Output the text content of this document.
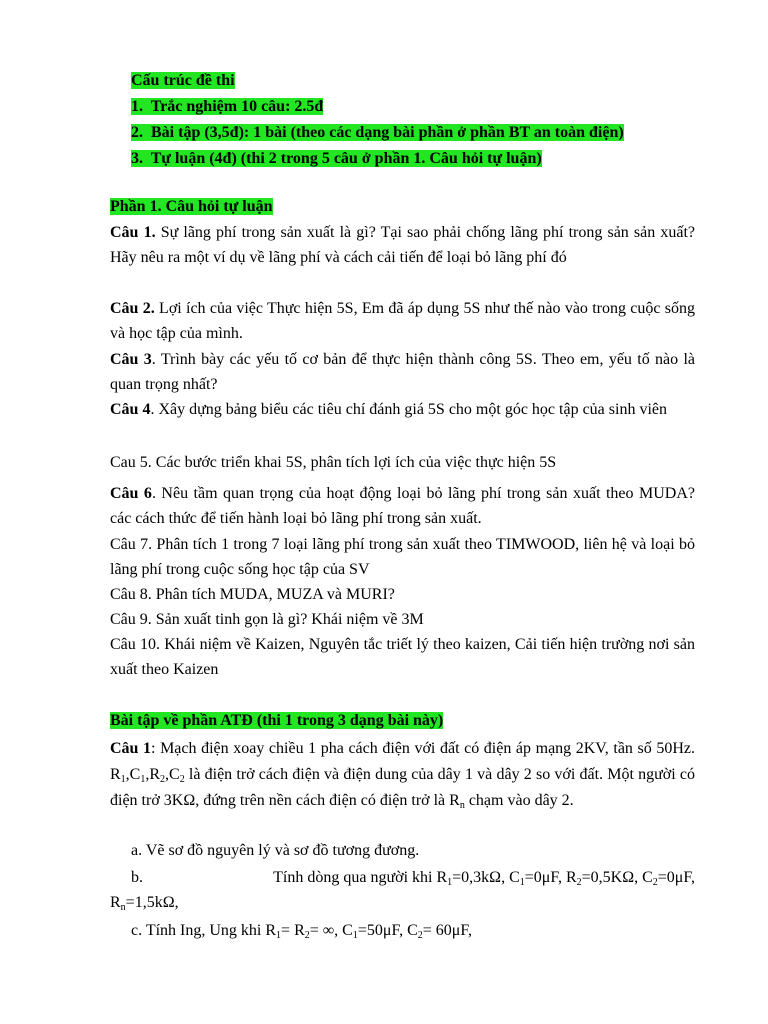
Cấu trúc đề thi
1.  Trắc nghiệm 10 câu: 2.5đ
2.  Bài tập (3,5đ): 1 bài (theo các dạng bài phần ở phần BT an toàn điện)
3.  Tự luận (4đ) (thi 2 trong 5 câu ở phần 1. Câu hỏi tự luận)
Phần 1. Câu hỏi tự luận
Câu 1. Sự lãng phí trong sản xuất là gì? Tại sao phải chống lãng phí trong sản sản xuất? Hãy nêu ra một ví dụ về lãng phí và cách cải tiến để loại bỏ lãng phí đó
Câu 2. Lợi ích của việc Thực hiện 5S, Em đã áp dụng 5S như thế nào vào trong cuộc sống và học tập của mình.
Câu 3. Trình bày các yếu tố cơ bản để thực hiện thành công 5S. Theo em, yếu tố nào là quan trọng nhất?
Câu 4. Xây dựng bảng biểu các tiêu chí đánh giá 5S cho một góc học tập của sinh viên
Cau 5. Các bước triển khai 5S, phân tích lợi ích của việc thực hiện 5S
Câu 6. Nêu tầm quan trọng của hoạt động loại bỏ lãng phí trong sản xuất theo MUDA? các cách thức để tiến hành loại bỏ lãng phí trong sản xuất.
Câu 7. Phân tích 1 trong 7 loại lãng phí trong sản xuất theo TIMWOOD, liên hệ và loại bỏ lãng phí trong cuộc sống học tập của SV
Câu 8. Phân tích MUDA, MUZA và MURI?
Câu 9. Sản xuất tinh gọn là gì? Khái niệm về 3M
Câu 10. Khái niệm về Kaizen, Nguyên tắc triết lý theo kaizen, Cải tiến hiện trường nơi sản xuất theo Kaizen
Bài tập về phần ATĐ (thi 1 trong 3 dạng bài này)
Câu 1: Mạch điện xoay chiều 1 pha cách điện với đất có điện áp mạng 2KV, tần số 50Hz. $R_1,C_1,R_2,C_2$ là điện trở cách điện và điện dung của dây 1 và dây 2 so với đất. Một người có điện trở 3KΩ, đứng trên nền cách điện có điện trở là $R_n$ chạm vào dây 2.
a. Vẽ sơ đồ nguyên lý và sơ đồ tương đương.
b.	Tính dòng qua người khi $R_1=0,3k\Omega$, $C_1=0\mu F$, $R_2=0,5K\Omega$, $C_2=0\mu F$,
$R_n=1,5k\Omega$,
c. Tính Ing, Ung khi $R_1= R_2=$ ∞, $C_1=50\mu F$, $C_2= 60\mu F$,
